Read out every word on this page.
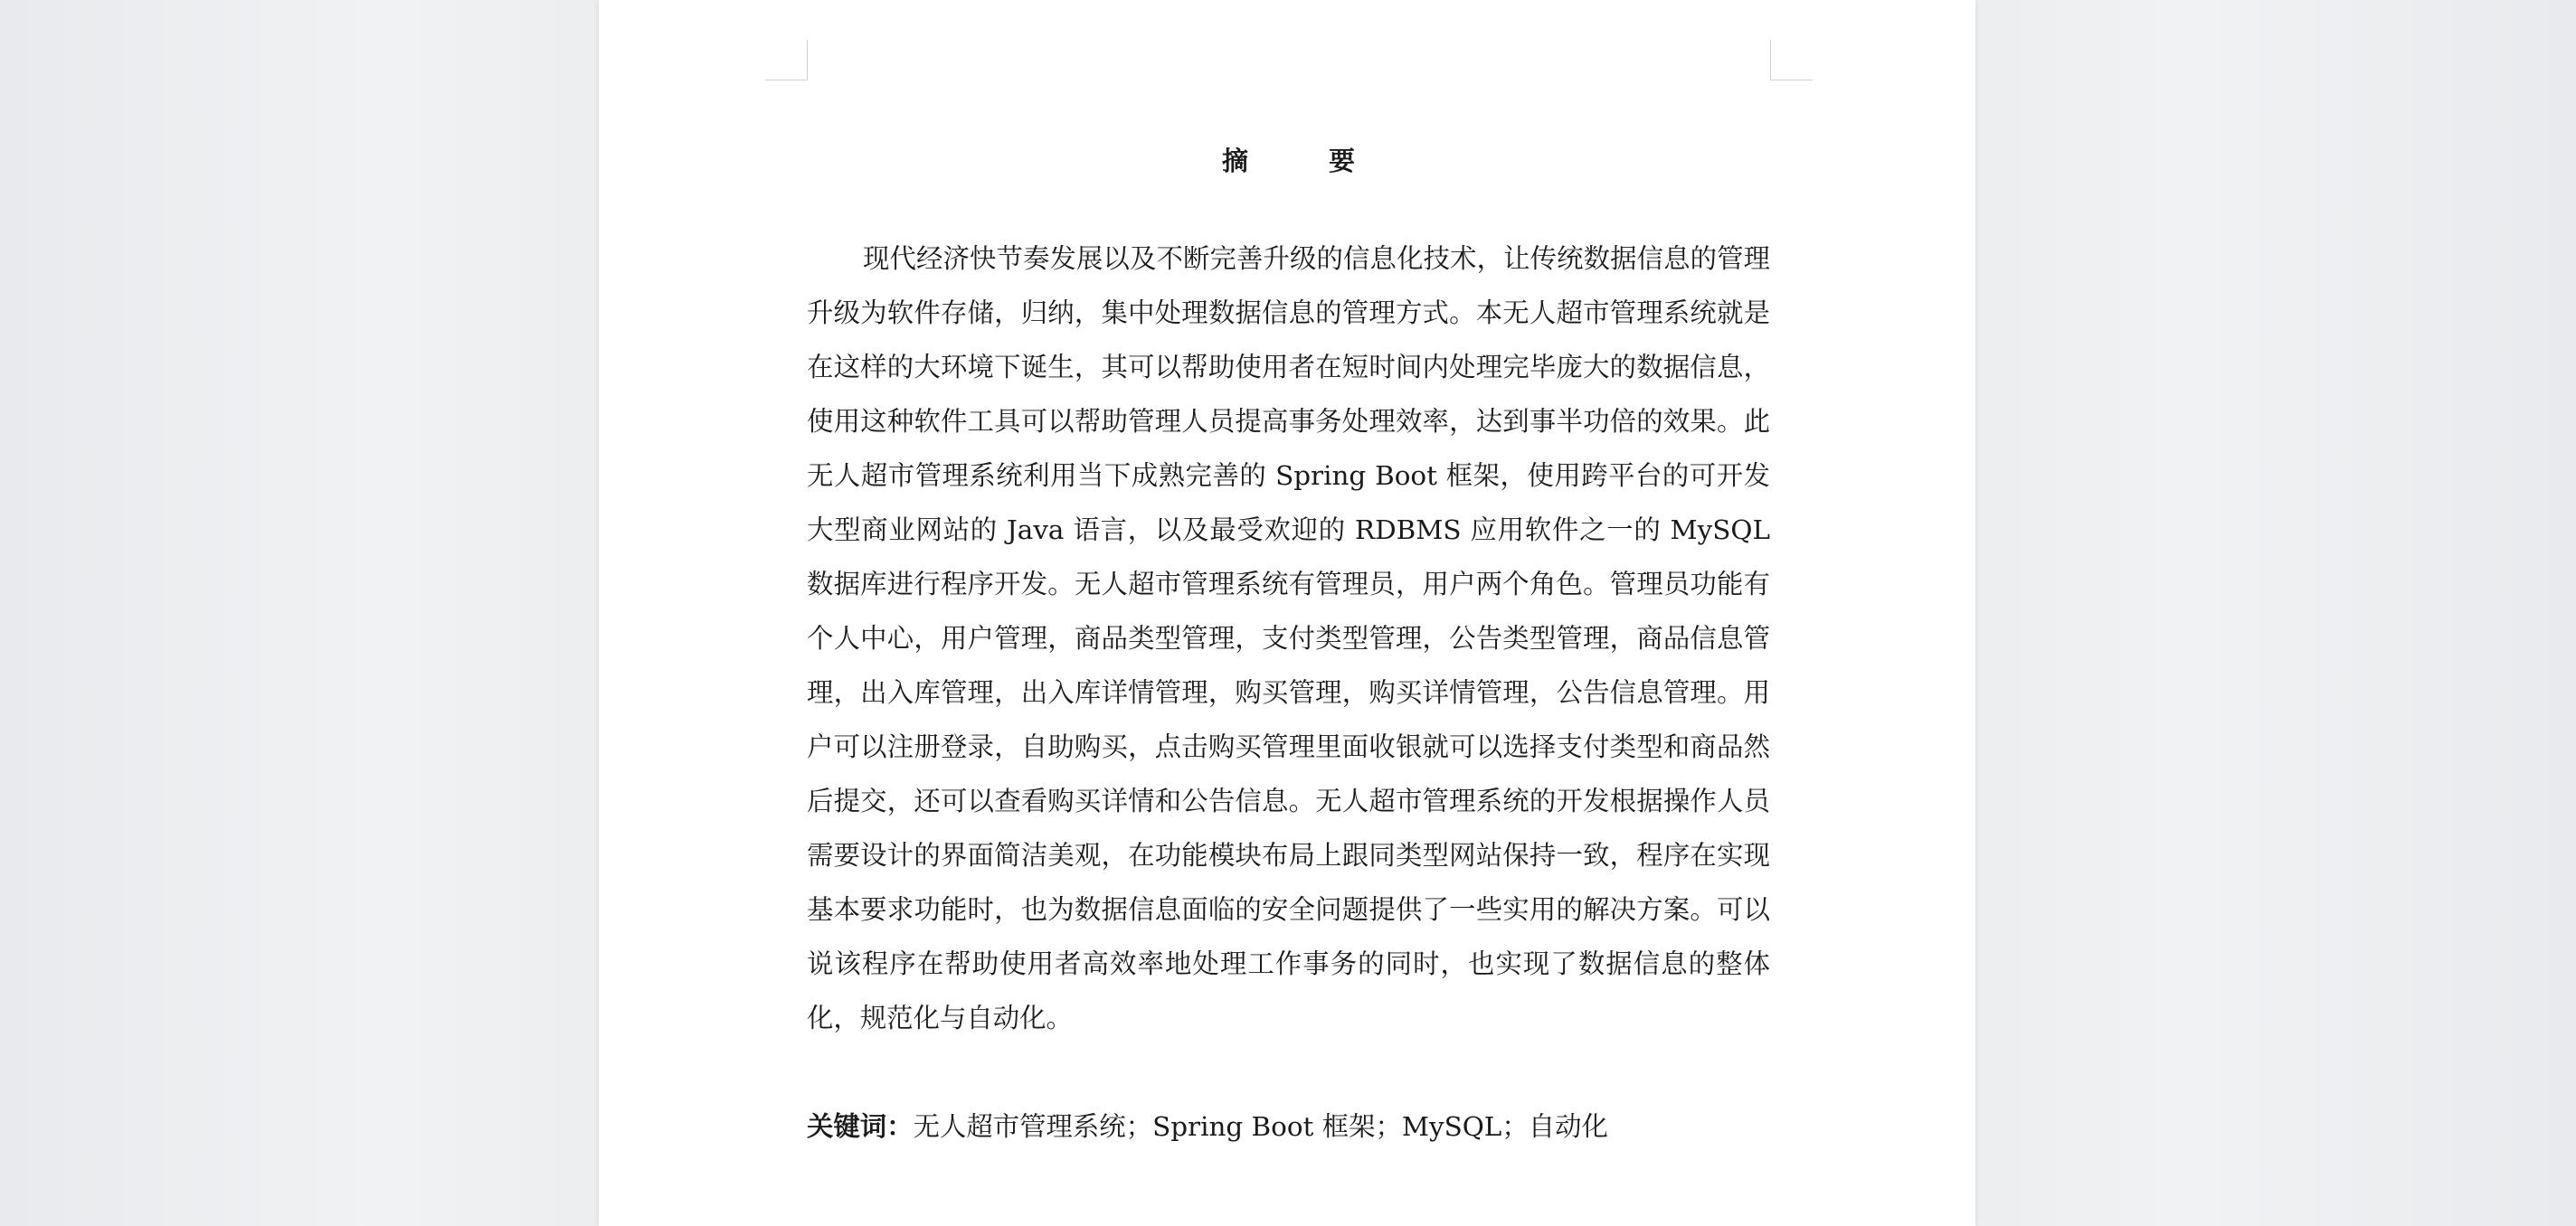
摘　要

现代经济快节奏发展以及不断完善升级的信息化技术，让传统数据信息的管理升级为软件存储，归纳，集中处理数据信息的管理方式。本无人超市管理系统就是在这样的大环境下诞生，其可以帮助使用者在短时间内处理完毕庞大的数据信息，使用这种软件工具可以帮助管理人员提高事务处理效率，达到事半功倍的效果。此无人超市管理系统利用当下成熟完善的 Spring Boot 框架，使用跨平台的可开发大型商业网站的 Java 语言，以及最受欢迎的 RDBMS 应用软件之一的 MySQL 数据库进行程序开发。无人超市管理系统有管理员，用户两个角色。管理员功能有个人中心，用户管理，商品类型管理，支付类型管理，公告类型管理，商品信息管理，出入库管理，出入库详情管理，购买管理，购买详情管理，公告信息管理。用户可以注册登录，自助购买，点击购买管理里面收银就可以选择支付类型和商品然后提交，还可以查看购买详情和公告信息。无人超市管理系统的开发根据操作人员需要设计的界面简洁美观，在功能模块布局上跟同类型网站保持一致，程序在实现基本要求功能时，也为数据信息面临的安全问题提供了一些实用的解决方案。可以说该程序在帮助使用者高效率地处理工作事务的同时，也实现了数据信息的整体化，规范化与自动化。

关键词：无人超市管理系统；Spring Boot 框架；MySQL；自动化
